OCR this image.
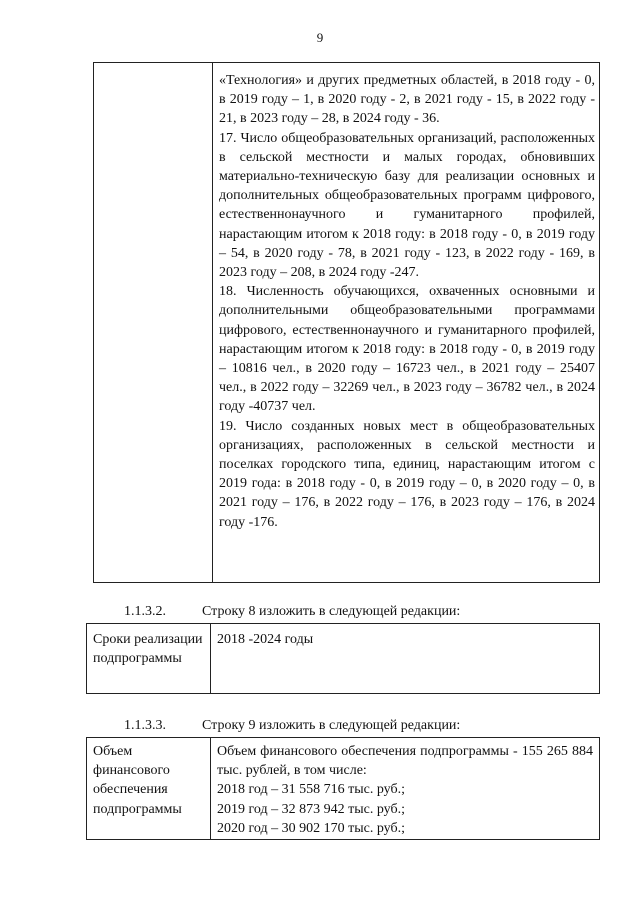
9
«Технология» и других предметных областей, в 2018 году - 0, в 2019 году – 1, в 2020 году - 2, в 2021 году - 15, в 2022 году - 21, в 2023 году – 28, в 2024 году - 36.
17. Число общеобразовательных организаций, расположенных в сельской местности и малых городах, обновивших материально-техническую базу для реализации основных и дополнительных общеобразовательных программ цифрового, естественнонаучного и гуманитарного профилей, нарастающим итогом к 2018 году: в 2018 году - 0, в 2019 году – 54, в 2020 году - 78, в 2021 году - 123, в 2022 году - 169, в 2023 году – 208, в 2024 году -247.
18. Численность обучающихся, охваченных основными и дополнительными общеобразовательными программами цифрового, естественнонаучного и гуманитарного профилей, нарастающим итогом к 2018 году: в 2018 году - 0, в 2019 году – 10816 чел., в 2020 году – 16723 чел., в 2021 году – 25407 чел., в 2022 году – 32269 чел., в 2023 году – 36782 чел., в 2024 году -40737 чел.
19. Число созданных новых мест в общеобразовательных организациях, расположенных в сельской местности и поселках городского типа, единиц, нарастающим итогом с 2019 года: в 2018 году - 0, в 2019 году – 0, в 2020 году – 0, в 2021 году – 176, в 2022 году – 176, в 2023 году – 176, в 2024 году -176.
1.1.3.2.	Строку 8 изложить в следующей редакции:
Сроки реализации подпрограммы
2018 -2024 годы
1.1.3.3.	Строку 9 изложить в следующей редакции:
Объем финансового обеспечения подпрограммы
Объем финансового обеспечения подпрограммы - 155 265 884 тыс. рублей, в том числе:
2018 год – 31 558 716 тыс. руб.;
2019 год – 32 873 942 тыс. руб.;
2020 год – 30 902 170 тыс. руб.;
